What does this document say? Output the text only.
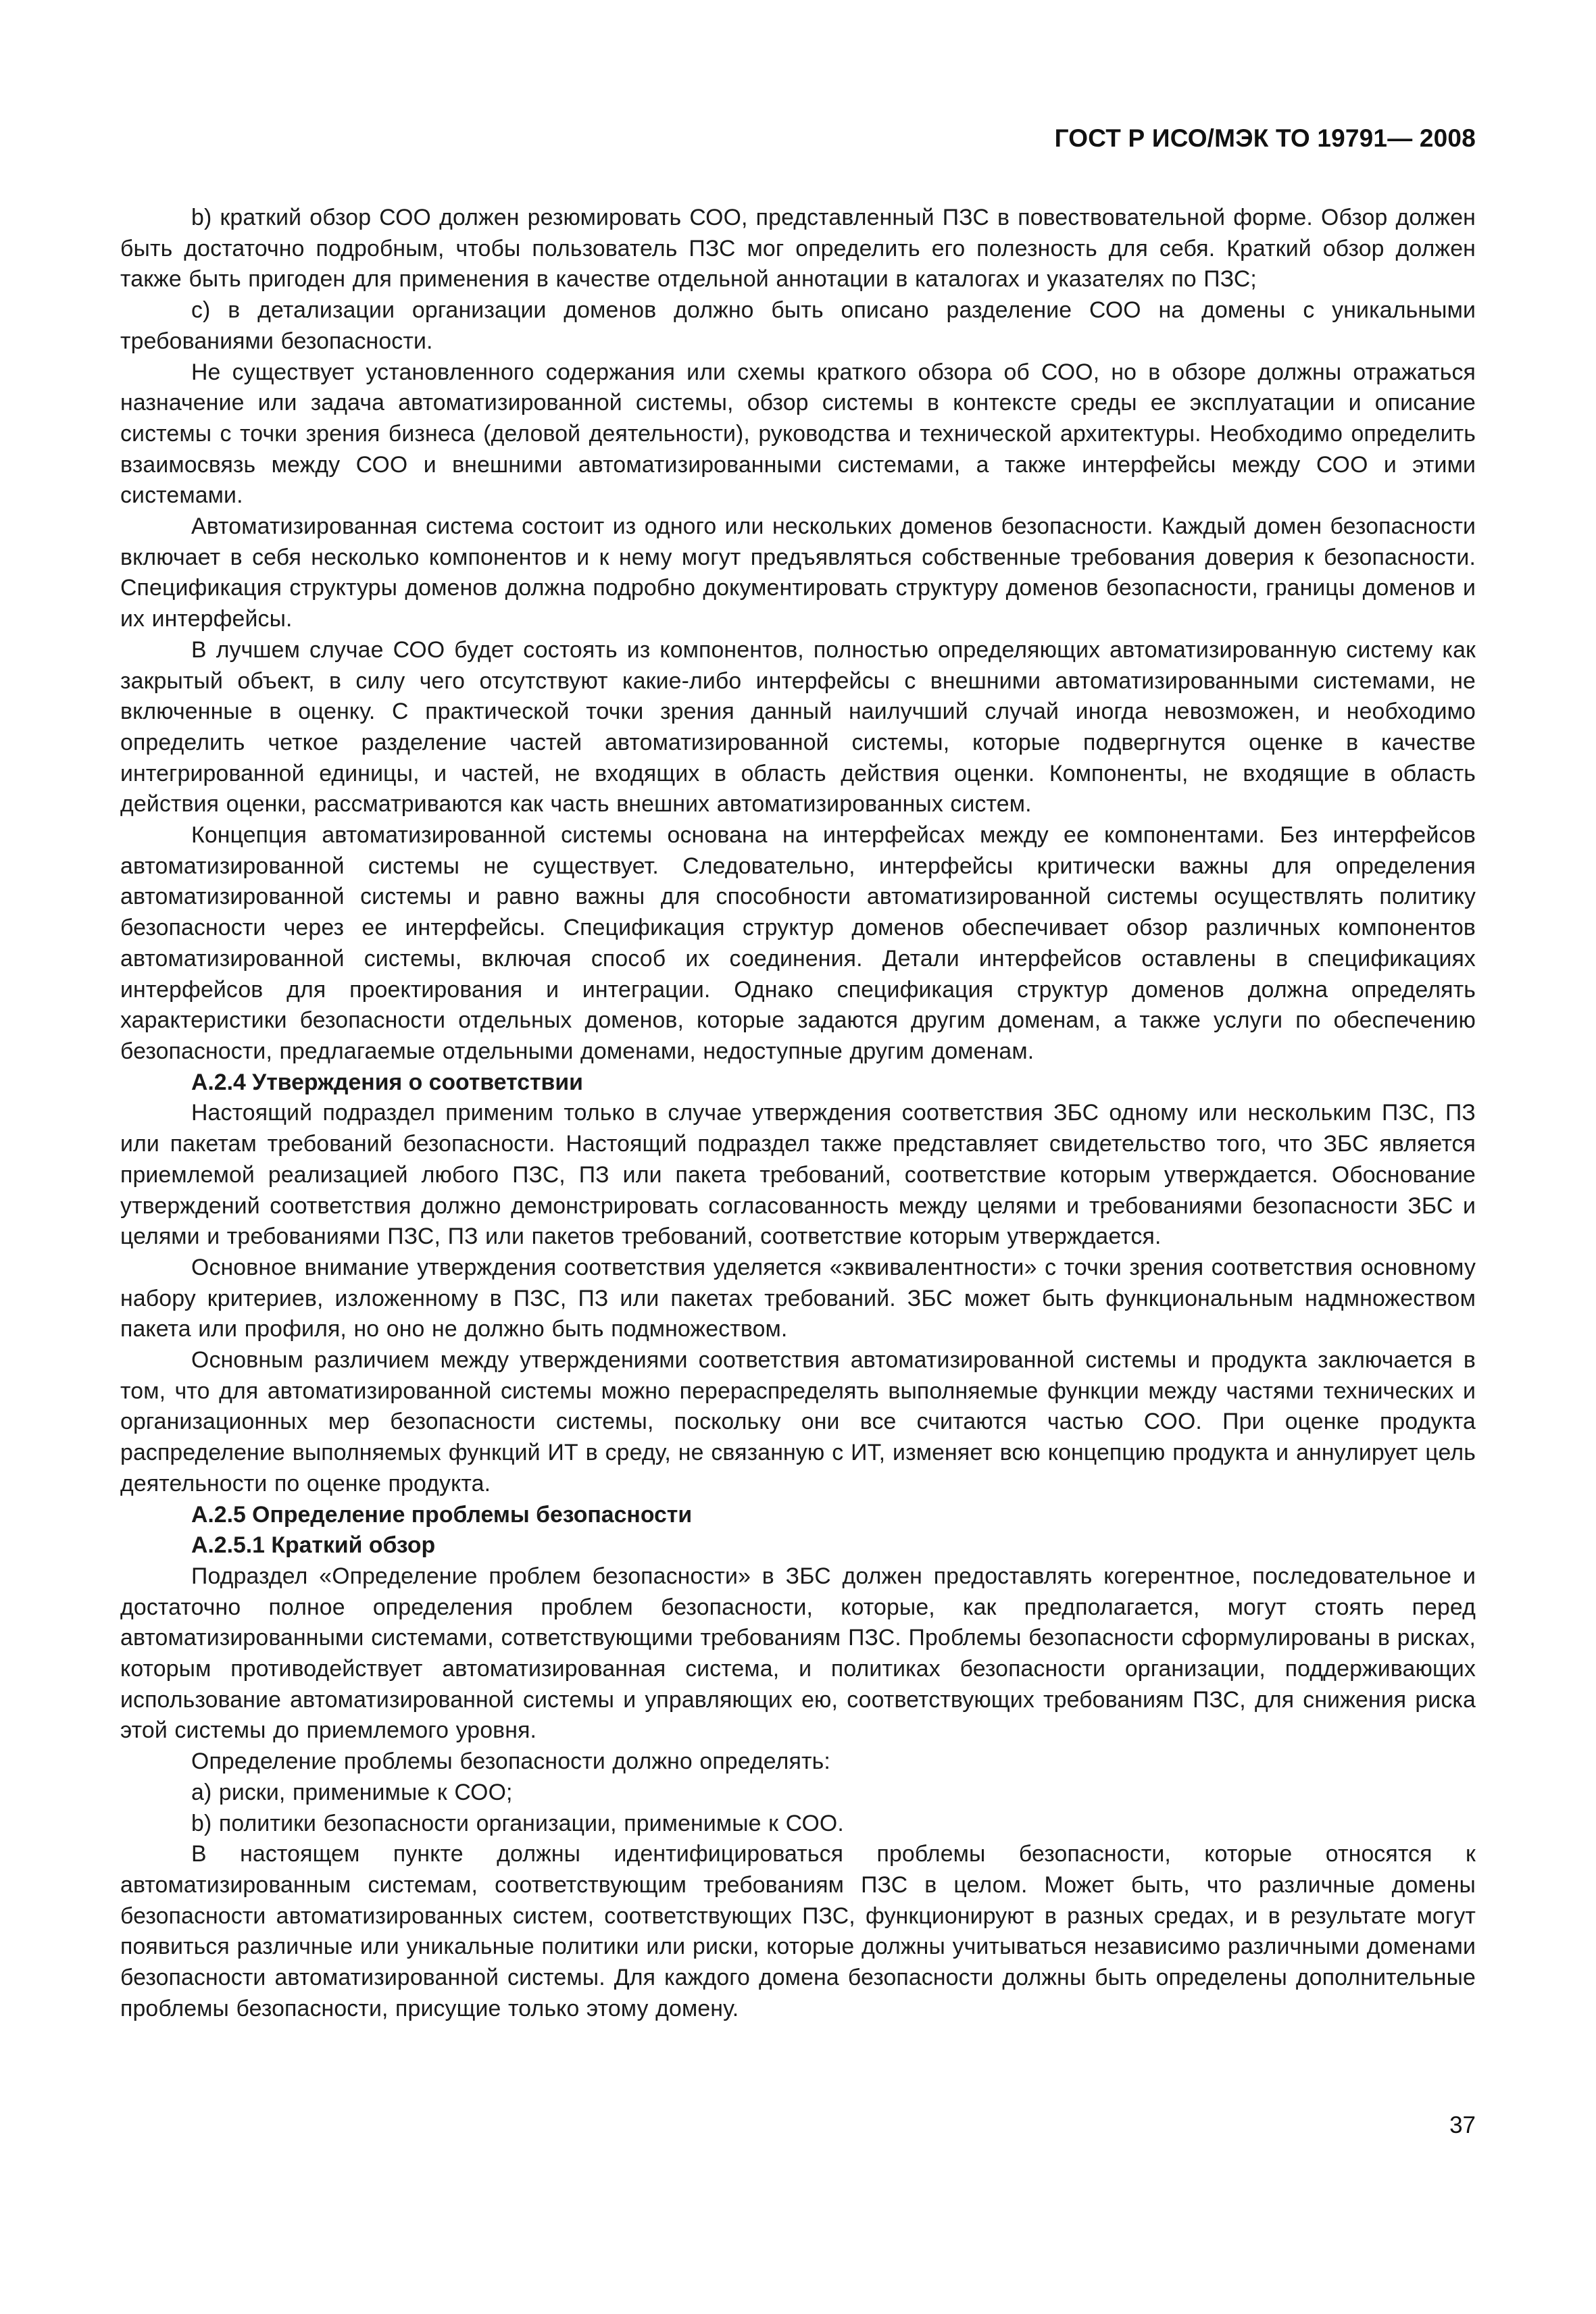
ГОСТ Р ИСО/МЭК ТО 19791— 2008

b) краткий обзор СОО должен резюмировать СОО, представленный ПЗС в повествовательной форме. Обзор должен быть достаточно подробным, чтобы пользователь ПЗС мог определить его полезность для себя. Краткий обзор должен также быть пригоден для применения в качестве отдельной аннотации в каталогах и указателях по ПЗС;

с) в детализации организации доменов должно быть описано разделение СОО на домены с уникальными требованиями безопасности.

Не существует установленного содержания или схемы краткого обзора об СОО, но в обзоре должны отражаться назначение или задача автоматизированной системы, обзор системы в контексте среды ее эксплуатации и описание системы с точки зрения бизнеса (деловой деятельности), руководства и технической архитектуры. Необходимо определить взаимосвязь между СОО и внешними автоматизированными системами, а также интерфейсы между СОО и этими системами.

Автоматизированная система состоит из одного или нескольких доменов безопасности. Каждый домен безопасности включает в себя несколько компонентов и к нему могут предъявляться собственные требования доверия к безопасности. Спецификация структуры доменов должна подробно документировать структуру доменов безопасности, границы доменов и их интерфейсы.

В лучшем случае СОО будет состоять из компонентов, полностью определяющих автоматизированную систему как закрытый объект, в силу чего отсутствуют какие-либо интерфейсы с внешними автоматизированными системами, не включенные в оценку. С практической точки зрения данный наилучший случай иногда невозможен, и необходимо определить четкое разделение частей автоматизированной системы, которые подвергнутся оценке в качестве интегрированной единицы, и частей, не входящих в область действия оценки. Компоненты, не входящие в область действия оценки, рассматриваются как часть внешних автоматизированных систем.

Концепция автоматизированной системы основана на интерфейсах между ее компонентами. Без интерфейсов автоматизированной системы не существует. Следовательно, интерфейсы критически важны для определения автоматизированной системы и равно важны для способности автоматизированной системы осуществлять политику безопасности через ее интерфейсы. Спецификация структур доменов обеспечивает обзор различных компонентов автоматизированной системы, включая способ их соединения. Детали интерфейсов оставлены в спецификациях интерфейсов для проектирования и интеграции. Однако спецификация структур доменов должна определять характеристики безопасности отдельных доменов, которые задаются другим доменам, а также услуги по обеспечению безопасности, предлагаемые отдельными доменами, недоступные другим доменам.

А.2.4 Утверждения о соответствии

Настоящий подраздел применим только в случае утверждения соответствия ЗБС одному или нескольким ПЗС, ПЗ или пакетам требований безопасности. Настоящий подраздел также представляет свидетельство того, что ЗБС является приемлемой реализацией любого ПЗС, ПЗ или пакета требований, соответствие которым утверждается. Обоснование утверждений соответствия должно демонстрировать согласованность между целями и требованиями безопасности ЗБС и целями и требованиями ПЗС, ПЗ или пакетов требований, соответствие которым утверждается.

Основное внимание утверждения соответствия уделяется «эквивалентности» с точки зрения соответствия основному набору критериев, изложенному в ПЗС, ПЗ или пакетах требований. ЗБС может быть функциональным надмножеством пакета или профиля, но оно не должно быть подмножеством.

Основным различием между утверждениями соответствия автоматизированной системы и продукта заключается в том, что для автоматизированной системы можно перераспределять выполняемые функции между частями технических и организационных мер безопасности системы, поскольку они все считаются частью СОО. При оценке продукта распределение выполняемых функций ИТ в среду, не связанную с ИТ, изменяет всю концепцию продукта и аннулирует цель деятельности по оценке продукта.

А.2.5 Определение проблемы безопасности

А.2.5.1 Краткий обзор

Подраздел «Определение проблем безопасности» в ЗБС должен предоставлять когерентное, последовательное и достаточно полное определения проблем безопасности, которые, как предполагается, могут стоять перед автоматизированными системами, сответствующими требованиям ПЗС. Проблемы безопасности сформулированы в рисках, которым противодействует автоматизированная система, и политиках безопасности организации, поддерживающих использование автоматизированной системы и управляющих ею, соответствующих требованиям ПЗС, для снижения риска этой системы до приемлемого уровня.

Определение проблемы безопасности должно определять:

а) риски, применимые к СОО;

b) политики безопасности организации, применимые к СОО.

В настоящем пункте должны идентифицироваться проблемы безопасности, которые относятся к автоматизированным системам, соответствующим требованиям ПЗС в целом. Может быть, что различные домены безопасности автоматизированных систем, соответствующих ПЗС, функционируют в разных средах, и в результате могут появиться различные или уникальные политики или риски, которые должны учитываться независимо различными доменами безопасности автоматизированной системы. Для каждого домена безопасности должны быть определены дополнительные проблемы безопасности, присущие только этому домену.

37
